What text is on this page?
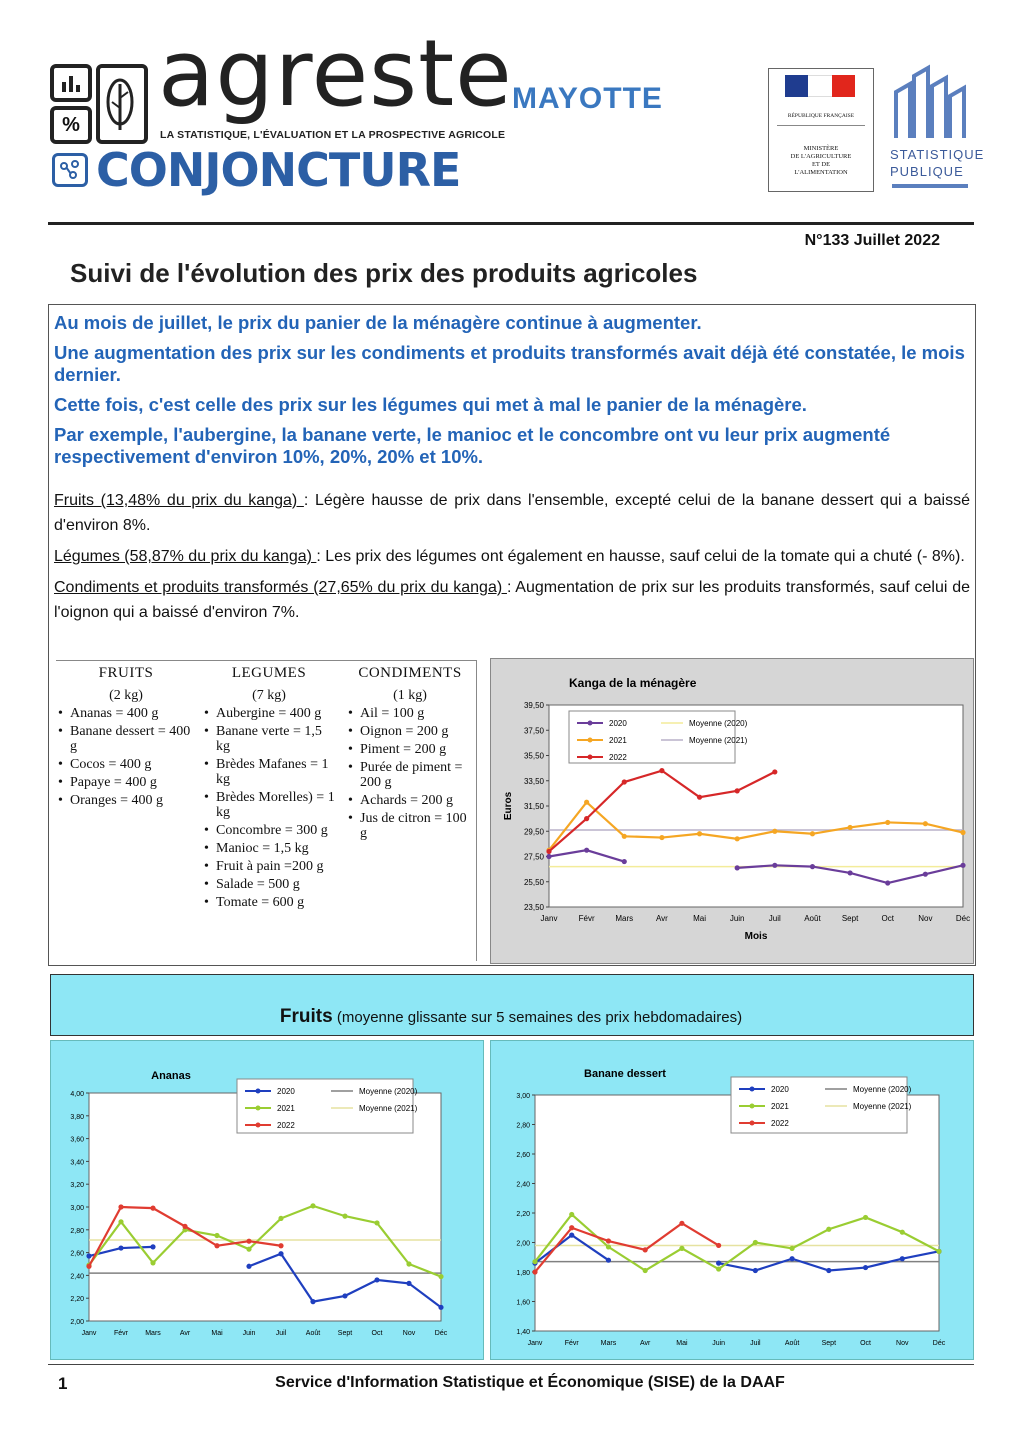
% agreste
LA STATISTIQUE, L'ÉVALUATION ET LA PROSPECTIVE AGRICOLE
CONJONCTURE
MAYOTTE
RÉPUBLIQUE FRANÇAISE
MINISTÈRE
DE L'AGRICULTURE
ET DE
L'ALIMENTATION
STATISTIQUE
PUBLIQUE
N°133 Juillet 2022
Suivi de l'évolution des prix des produits agricoles

Au mois de juillet, le prix du panier de la ménagère continue à augmenter.

Une augmentation des prix sur les condiments et produits transformés avait déjà été constatée, le mois dernier.

Cette fois, c'est celle des prix sur les légumes qui met à mal le panier de la ménagère.

Par exemple, l'aubergine, la banane verte, le manioc et le concombre ont vu leur prix augmenté respectivement d'environ 10%, 20%, 20% et 10%.

Fruits (13,48% du prix du kanga) : Légère hausse de prix dans l'ensemble, excepté celui de la banane dessert qui a baissé d'environ 8%.

Légumes (58,87% du prix du kanga) : Les prix des légumes ont également en hausse, sauf celui de la tomate qui a chuté (- 8%).

Condiments et produits transformés (27,65% du prix du kanga) : Augmentation de prix sur les produits transformés, sauf celui de l'oignon qui a baissé d'environ 7%.

FRUITS
(2 kg)
• Ananas = 400 g
• Banane dessert = 400 g
• Cocos = 400 g
• Papaye = 400 g
• Oranges = 400 g
LEGUMES
(7 kg)
• Aubergine = 400 g
• Banane verte = 1,5 kg
• Brèdes Mafanes = 1 kg
• Brèdes Morelles) = 1 kg
• Concombre = 300 g
• Manioc = 1,5 kg
• Fruit à pain =200 g
• Salade = 500 g
• Tomate = 600 g
CONDIMENTS
(1 kg)
• Ail = 100 g
• Oignon = 200 g
• Piment = 200 g
• Purée de piment = 200 g
• Achards = 200 g
• Jus de citron = 100 g
Kanga de la ménagère
23,50
25,50
27,50
29,50
31,50
33,50
35,50
37,50
39,50
Janv	Févr	Mars	Avr	Mai	Juin	Juil	Août	Sept	Oct	Nov	Déc
Mois
Euros
2020
2021
2022
Moyenne (2020)
Moyenne (2021)
Fruits (moyenne glissante sur 5 semaines des prix hebdomadaires)
Ananas
2,00
2,20
2,40
2,60
2,80
3,00
3,20
3,40
3,60
3,80
4,00
Janv	Févr Mars	Avr	Mai	Juin	Juil	Août	Sept	Oct	Nov	Déc
2020
2021
2022
Moyenne (2020)
Moyenne (2021)
Banane dessert
1,40
1,60
1,80
2,00
2,20
2,40
2,60
2,80
3,00
Janv	Févr	Mars	Avr	Mai	Juin	Juil	Août	Sept	Oct	Nov	Déc
2020
2021
2022
Moyenne (2020)
Moyenne (2021)
1	Service d'Information Statistique et Économique (SISE) de la DAAF
